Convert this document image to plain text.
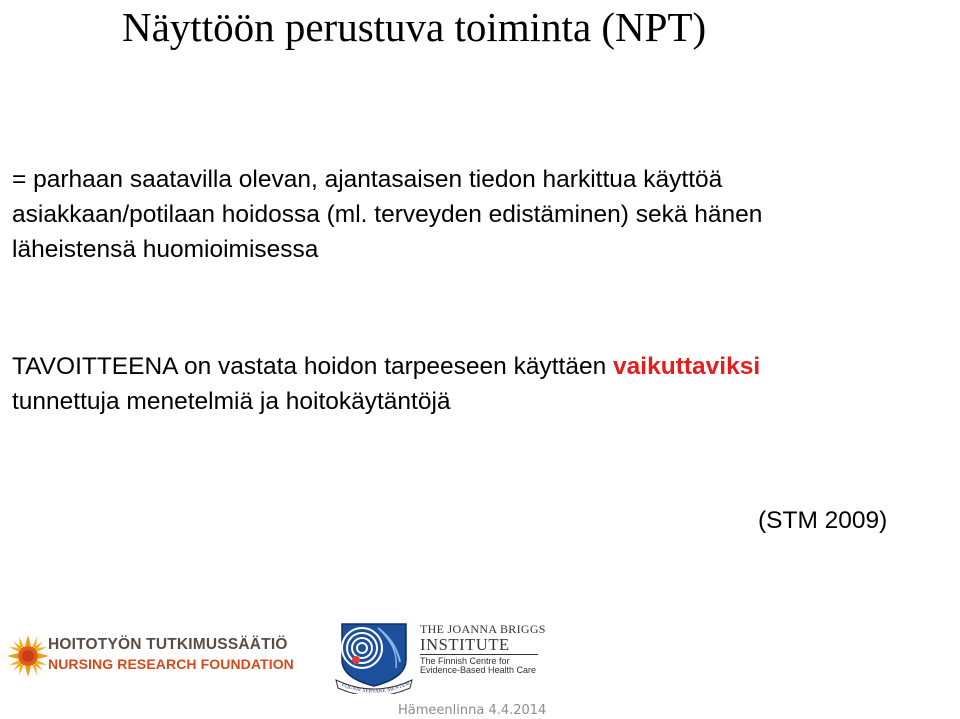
Näyttöön perustuva toiminta (NPT)
= parhaan saatavilla olevan, ajantasaisen tiedon harkittua käyttöä
asiakkaan/potilaan hoidossa (ml. terveyden edistäminen) sekä hänen
läheistensä huomioimisessa
TAVOITTEENA on vastata hoidon tarpeeseen käyttäen vaikuttaviksi
tunnettuja menetelmiä ja hoitokäytäntöjä
(STM 2009)
HOITOTYÖN TUTKIMUSSÄÄTIÖ
NURSING RESEARCH FOUNDATION
EQUAM SERVARE MENTEM
THE JOANNA BRIGGS
INSTITUTE
The Finnish Centre for
Evidence-Based Health Care
Hämeenlinna 4.4.2014
